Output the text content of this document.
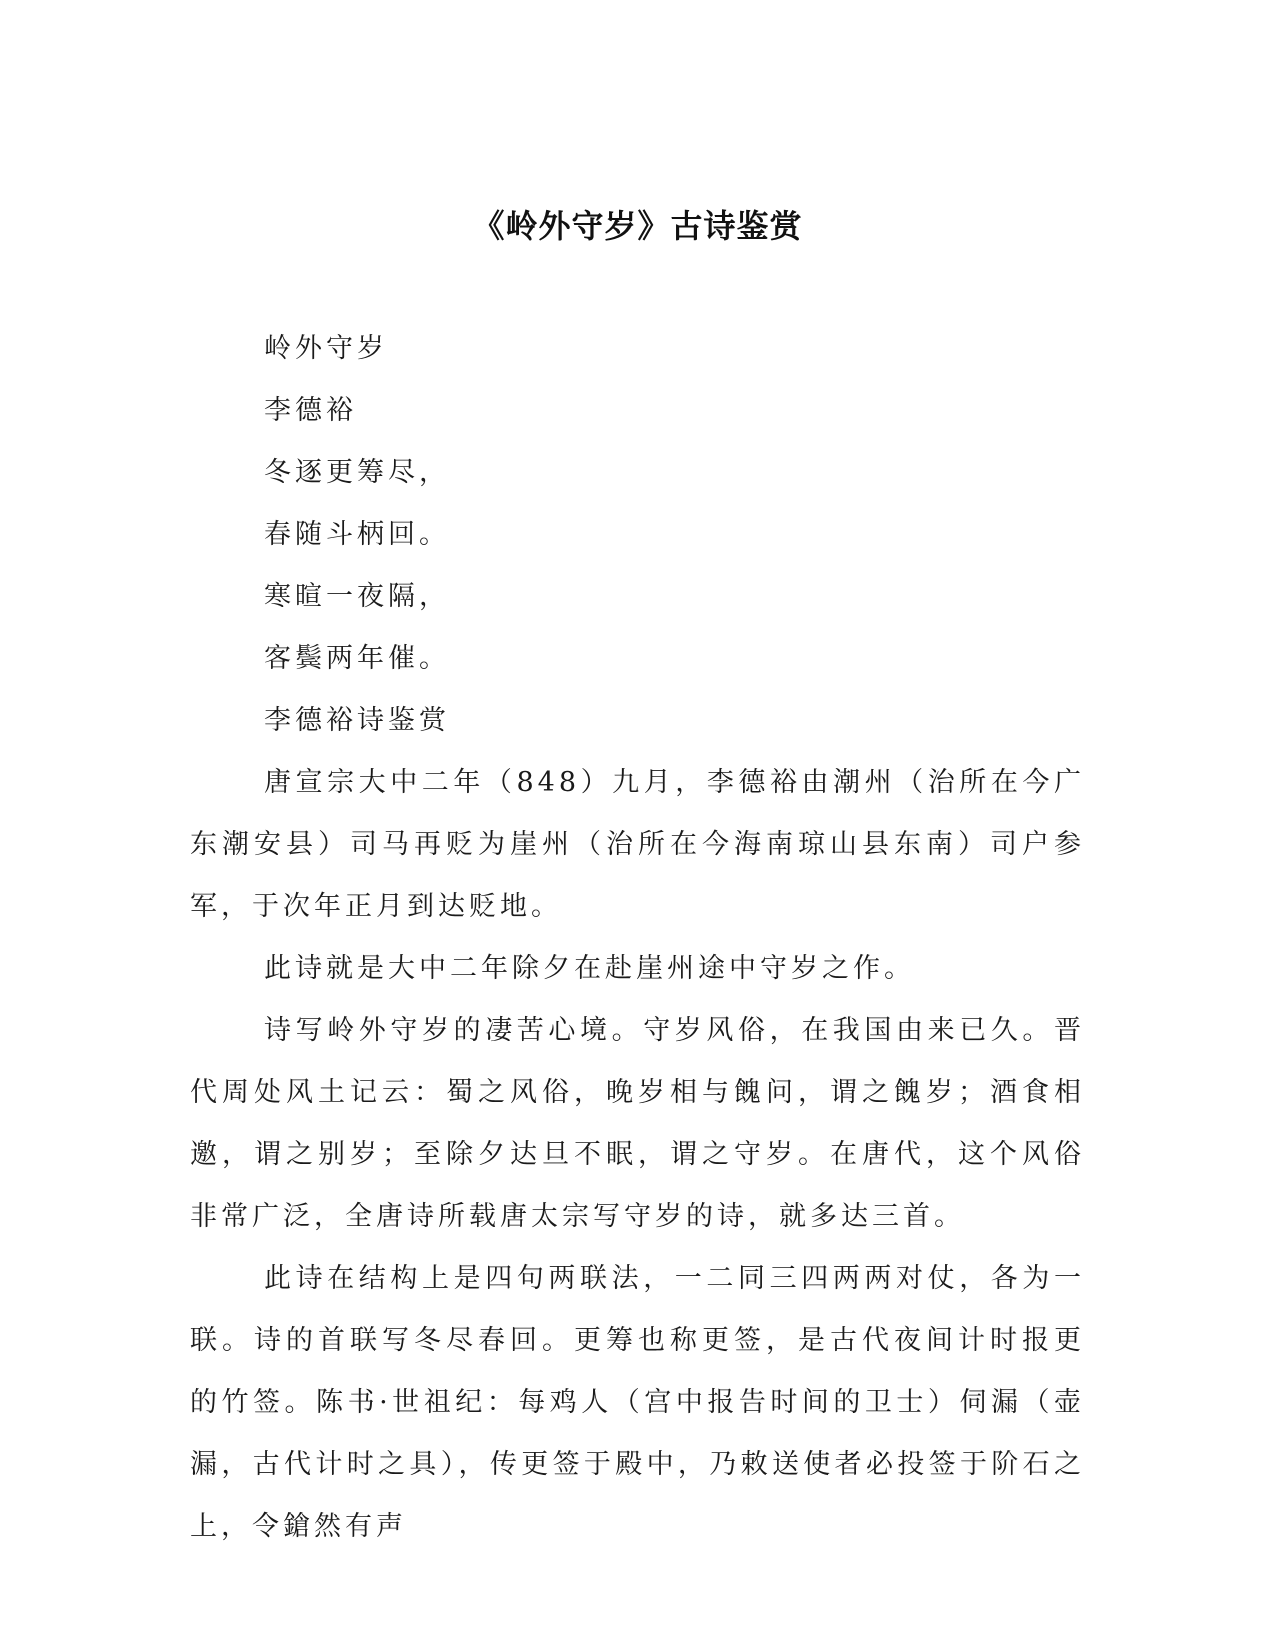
《岭外守岁》古诗鉴赏
岭外守岁
李德裕
冬逐更筹尽，
春随斗柄回。
寒暄一夜隔，
客鬓两年催。
李德裕诗鉴赏
唐宣宗大中二年（848）九月，李德裕由潮州（治所在今广东潮安县）司马再贬为崖州（治所在今海南琼山县东南）司户参军，于次年正月到达贬地。
此诗就是大中二年除夕在赴崖州途中守岁之作。
诗写岭外守岁的凄苦心境。守岁风俗，在我国由来已久。晋代周处风土记云：蜀之风俗，晚岁相与餽问，谓之餽岁；酒食相邀，谓之别岁；至除夕达旦不眠，谓之守岁。在唐代，这个风俗非常广泛，全唐诗所载唐太宗写守岁的诗，就多达三首。
此诗在结构上是四句两联法，一二同三四两两对仗，各为一联。诗的首联写冬尽春回。更筹也称更签，是古代夜间计时报更的竹签。陈书·世祖纪：每鸡人（宫中报告时间的卫士）伺漏（壶漏，古代计时之具），传更签于殿中，乃敕送使者必投签于阶石之上，令鎗然有声
